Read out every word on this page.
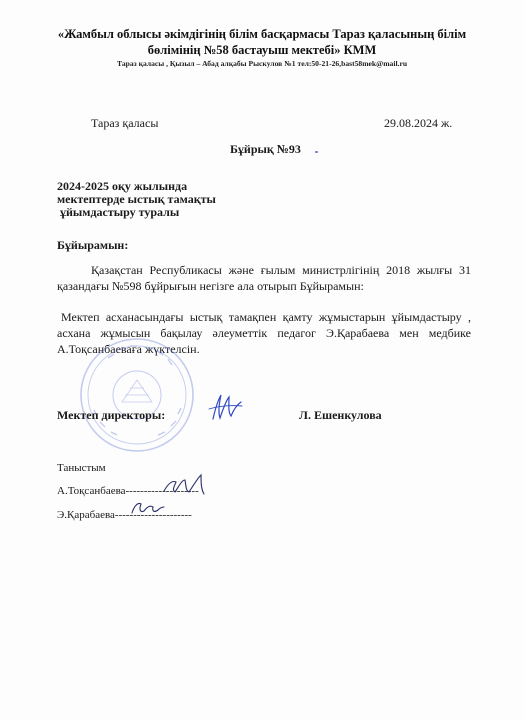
«Жамбыл облысы әкімдігінің білім басқармасы Тараз қаласының білім бөлімінің №58 бастауыш мектебі» КММ
Тараз қаласы , Қызыл – Абад алқабы Рыскулов №1 тел:50-21-26,bast58mek@mail.ru
Тараз қаласы	29.08.2024 ж.
Бұйрық №93
2024-2025 оқу жылында
мектептерде ыстық тамақты
ұйымдастыру туралы
Бұйырамын:
Қазақстан Республикасы және ғылым министрлігінің 2018 жылғы 31 қазандағы №598 бұйрығын негізге ала отырып Бұйырамын:
Мектеп асханасындағы ыстық тамақпен қамту жұмыстарын ұйымдастыру , асхана жұмысын бақылау әлеуметтік педагог Э.Қарабаева мен медбике А.Тоқсанбаеваға жүктелсін.
Мектеп директоры:	Л. Ешенкулова
Таныстым
А.Тоқсанбаева--------------------
Э.Қарабаева---------------------
